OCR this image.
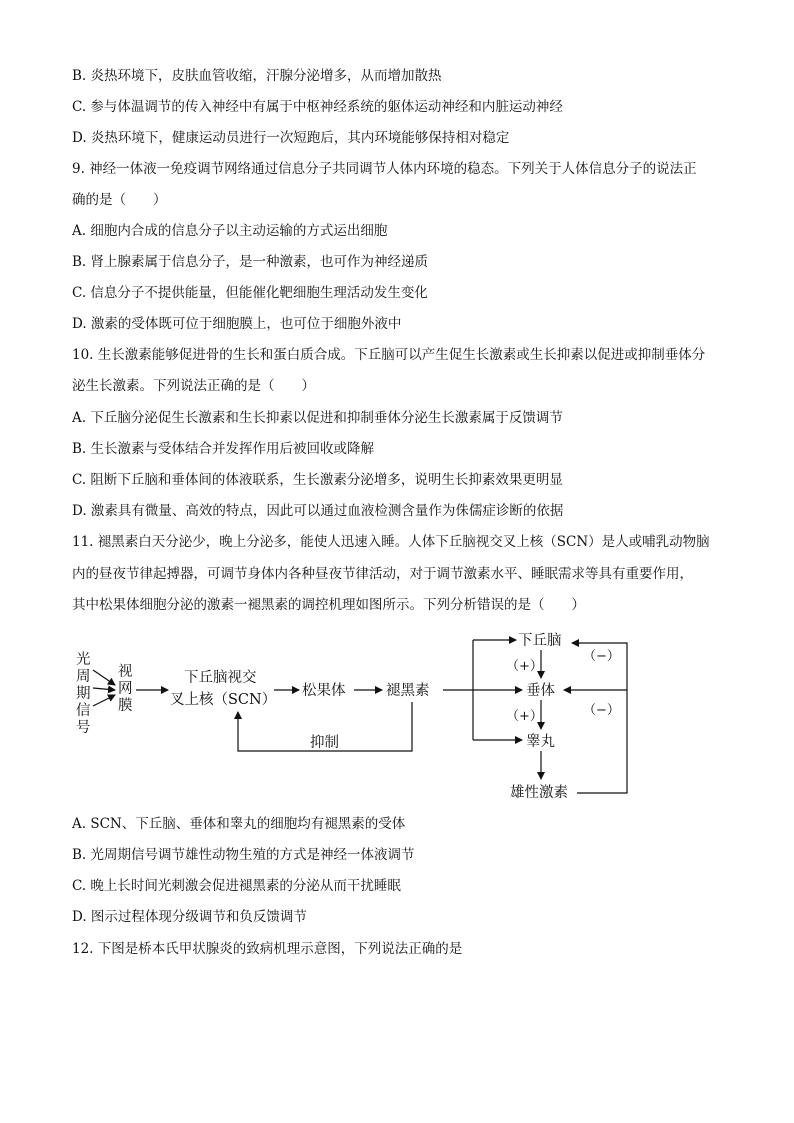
B. 炎热环境下，皮肤血管收缩，汗腺分泌增多，从而增加散热
C. 参与体温调节的传入神经中有属于中枢神经系统的躯体运动神经和内脏运动神经
D. 炎热环境下，健康运动员进行一次短跑后，其内环境能够保持相对稳定
9. 神经一体液一免疫调节网络通过信息分子共同调节人体内环境的稳态。下列关于人体信息分子的说法正
确的是（　　）
A. 细胞内合成的信息分子以主动运输的方式运出细胞
B. 肾上腺素属于信息分子，是一种激素，也可作为神经递质
C. 信息分子不提供能量，但能催化靶细胞生理活动发生变化
D. 激素的受体既可位于细胞膜上，也可位于细胞外液中
10. 生长激素能够促进骨的生长和蛋白质合成。下丘脑可以产生促生长激素或生长抑素以促进或抑制垂体分
泌生长激素。下列说法正确的是（　　）
A. 下丘脑分泌促生长激素和生长抑素以促进和抑制垂体分泌生长激素属于反馈调节
B. 生长激素与受体结合并发挥作用后被回收或降解
C. 阻断下丘脑和垂体间的体液联系，生长激素分泌增多，说明生长抑素效果更明显
D. 激素具有微量、高效的特点，因此可以通过血液检测含量作为侏儒症诊断的依据
11. 褪黑素白天分泌少，晚上分泌多，能使人迅速入睡。人体下丘脑视交叉上核（SCN）是人或哺乳动物脑
内的昼夜节律起搏器，可调节身体内各种昼夜节律活动，对于调节激素水平、睡眠需求等具有重要作用，
其中松果体细胞分泌的激素一褪黑素的调控机理如图所示。下列分析错误的是（　　）
A. SCN、下丘脑、垂体和睾丸的细胞均有褪黑素的受体
B. 光周期信号调节雄性动物生殖的方式是神经一体液调节
C. 晚上长时间光刺激会促进褪黑素的分泌从而干扰睡眠
D. 图示过程体现分级调节和负反馈调节
12. 下图是桥本氏甲状腺炎的致病机理示意图，下列说法正确的是
光
周
期
信
号
视
网
膜
下丘脑视交
叉上核（SCN）
松果体	褪黑素
抑制
下丘脑
垂体
睾丸
雄性激素
（+）
（+）
（−）
（−）
